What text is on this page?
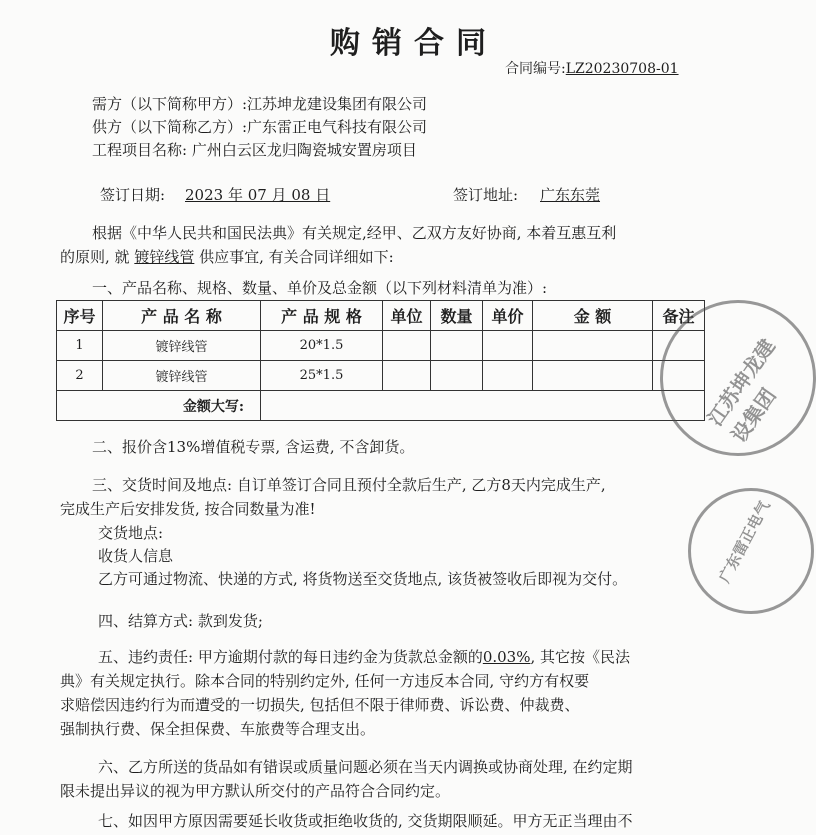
购销合同
合同编号:LZ20230708-01
需方（以下简称甲方）:江苏坤龙建设集团有限公司
供方（以下简称乙方）:广东雷正电气科技有限公司
工程项目名称: 广州白云区龙归陶瓷城安置房项目
签订日期: 2023 年 07 月 08 日	签订地址: 广东东莞
根据《中华人民共和国民法典》有关规定,经甲、乙双方友好协商, 本着互惠互利
的原则, 就 镀锌线管 供应事宜, 有关合同详细如下:
一、产品名称、规格、数量、单价及总金额（以下列材料清单为准）:
序号	产 品 名 称	产 品 规 格	单位	数量	单价	金 额	备注
1	镀锌线管	20*1.5					
2	镀锌线管	25*1.5					
金额大写:							
二、报价含13%增值税专票, 含运费, 不含卸货。
三、交货时间及地点: 自订单签订合同且预付全款后生产, 乙方8天内完成生产,
完成生产后安排发货, 按合同数量为准!
交货地点:
收货人信息
乙方可通过物流、快递的方式, 将货物送至交货地点, 该货被签收后即视为交付。
四、结算方式: 款到发货;
五、违约责任: 甲方逾期付款的每日违约金为货款总金额的0.03%, 其它按《民法
典》有关规定执行。除本合同的特别约定外, 任何一方违反本合同, 守约方有权要
求赔偿因违约行为而遭受的一切损失, 包括但不限于律师费、诉讼费、仲裁费、
强制执行费、保全担保费、车旅费等合理支出。
六、乙方所送的货品如有错误或质量问题必须在当天内调换或协商处理, 在约定期
限未提出异议的视为甲方默认所交付的产品符合合同约定。
七、如因甲方原因需要延长收货或拒绝收货的, 交货期限顺延。甲方无正当理由不
江苏坤龙建设集团
广东雷正电气
